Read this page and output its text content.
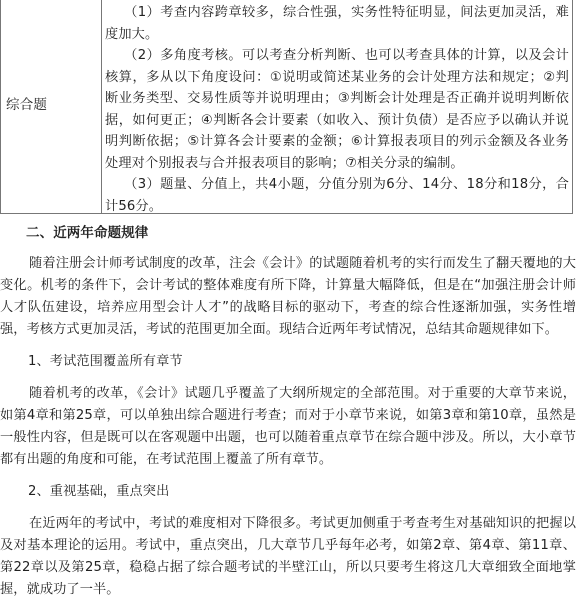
综合题

（1）考查内容跨章较多，综合性强，实务性特征明显，间法更加灵活，难度加大。

（2）多角度考核。可以考查分析判断、也可以考查具体的计算，以及会计核算，多从以下角度设问：①说明或简述某业务的会计处理方法和规定；②判断业务类型、交易性质等并说明理由；③判断会计处理是否正确并说明判断依据，如何更正；④判断各会计要素（如收入、预计负债）是否应予以确认并说明判断依据；⑤计算各会计要素的金额；⑥计算报表项目的列示金额及各业务处理对个别报表与合并报表项目的影响；⑦相关分录的编制。

（3）题量、分值上，共4小题，分值分别为6分、14分、18分和18分，合计56分。

二、近两年命题规律

随着注册会计师考试制度的改革，注会《会计》的试题随着机考的实行而发生了翻天覆地的大变化。机考的条件下，会计考试的整体难度有所下降，计算量大幅降低，但是在“加强注册会计师人才队伍建设，培养应用型会计人才”的战略目标的驱动下，考查的综合性逐渐加强，实务性增强，考核方式更加灵活，考试的范围更加全面。现结合近两年考试情况，总结其命题规律如下。

1、考试范围覆盖所有章节

随着机考的改革，《会计》试题几乎覆盖了大纲所规定的全部范围。对于重要的大章节来说，如第4章和第25章，可以单独出综合题进行考查；而对于小章节来说，如第3章和第10章，虽然是一般性内容，但是既可以在客观题中出题，也可以随着重点章节在综合题中涉及。所以，大小章节都有出题的角度和可能，在考试范围上覆盖了所有章节。

2、重视基础，重点突出

在近两年的考试中，考试的难度相对下降很多。考试更加侧重于考查考生对基础知识的把握以及对基本理论的运用。考试中，重点突出，几大章节几乎每年必考，如第2章、第4章、第11章、第22章以及第25章，稳稳占据了综合题考试的半壁江山，所以只要考生将这几大章细致全面地掌握，就成功了一半。
